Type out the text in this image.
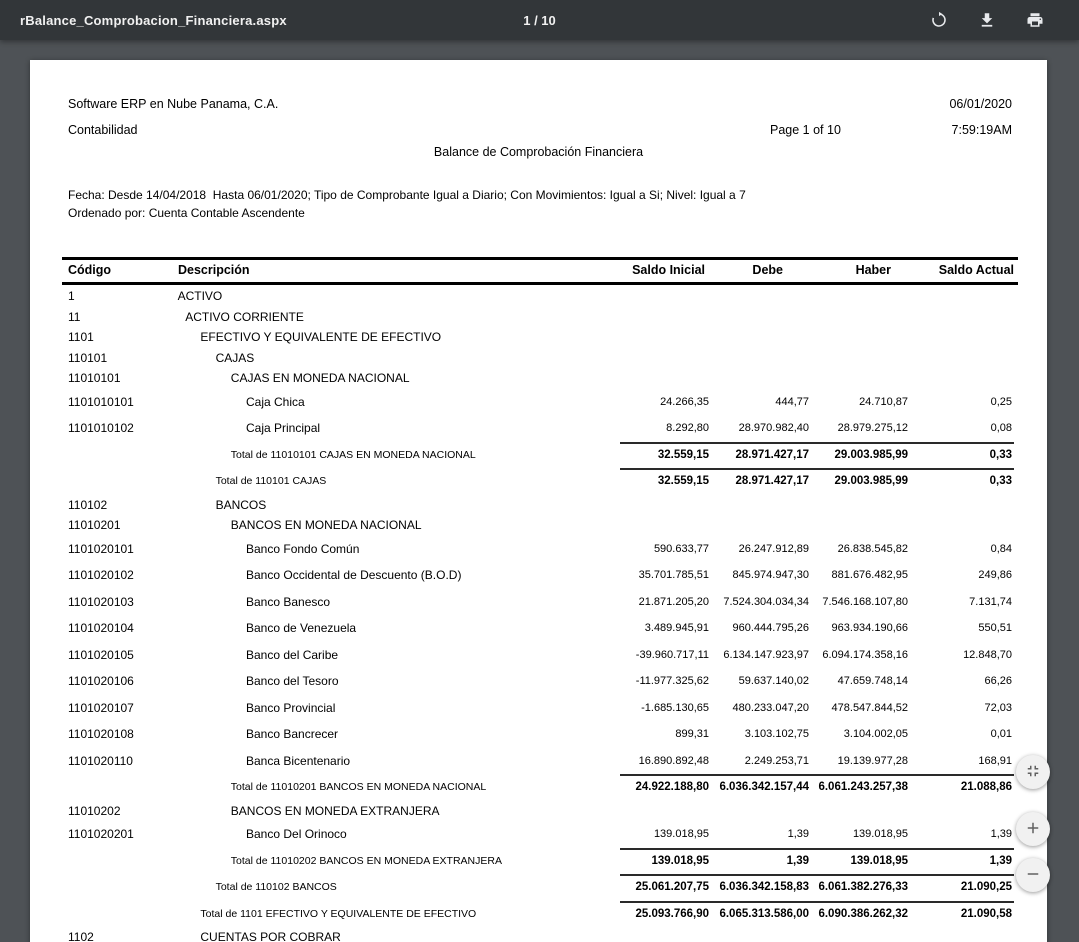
rBalance_Comprobacion_Financiera.aspx	1 / 10
Software ERP en Nube Panama, C.A.
Contabilidad
06/01/2020
Page 1 of 10	7:59:19AM
Balance de Comprobación Financiera
Fecha: Desde 14/04/2018  Hasta 06/01/2020; Tipo de Comprobante Igual a Diario; Con Movimientos: Igual a Si; Nivel: Igual a 7
Ordenado por: Cuenta Contable Ascendente
Código	Descripción	Saldo Inicial	Debe	Haber	Saldo Actual
1	ACTIVO
11	ACTIVO CORRIENTE
1101	EFECTIVO Y EQUIVALENTE DE EFECTIVO
110101	CAJAS
11010101	CAJAS EN MONEDA NACIONAL
1101010101	Caja Chica	24.266,35	444,77	24.710,87	0,25
1101010102	Caja Principal	8.292,80	28.970.982,40	28.979.275,12	0,08
Total de 11010101 CAJAS EN MONEDA NACIONAL	32.559,15 28.971.427,17 29.003.985,99	0,33
Total de 110101 CAJAS	32.559,15 28.971.427,17 29.003.985,99	0,33
110102	BANCOS
11010201	BANCOS EN MONEDA NACIONAL
1101020101	Banco Fondo Común	590.633,77	26.247.912,89	26.838.545,82	0,84
1101020102	Banco Occidental de Descuento (B.O.D)	35.701.785,51 845.974.947,30 881.676.482,95	249,86
1101020103	Banco Banesco	21.871.205,20 7.524.304.034,34 7.546.168.107,80	7.131,74
1101020104	Banco de Venezuela	3.489.945,91 960.444.795,26 963.934.190,66	550,51
1101020105	Banco del Caribe	-39.960.717,11 6.134.147.923,97 6.094.174.358,16	12.848,70
1101020106	Banco del Tesoro	-11.977.325,62	59.637.140,02	47.659.748,14	66,26
1101020107	Banco Provincial	-1.685.130,65 480.233.047,20 478.547.844,52	72,03
1101020108	Banco Bancrecer	899,31	3.103.102,75	3.104.002,05	0,01
1101020110	Banca Bicentenario	16.890.892,48	2.249.253,71	19.139.977,28	168,91
Total de 11010201 BANCOS EN MONEDA NACIONAL	24.922.188,80 6.036.342.157,44 6.061.243.257,38	21.088,86
11010202	BANCOS EN MONEDA EXTRANJERA
1101020201	Banco Del Orinoco	139.018,95	1,39	139.018,95	1,39
Total de 11010202 BANCOS EN MONEDA EXTRANJERA	139.018,95	1,39	139.018,95	1,39
Total de 110102 BANCOS	25.061.207,75 6.036.342.158,83 6.061.382.276,33	21.090,25
Total de 1101 EFECTIVO Y EQUIVALENTE DE EFECTIVO	25.093.766,90 6.065.313.586,00 6.090.386.262,32	21.090,58
1102	CUENTAS POR COBRAR
